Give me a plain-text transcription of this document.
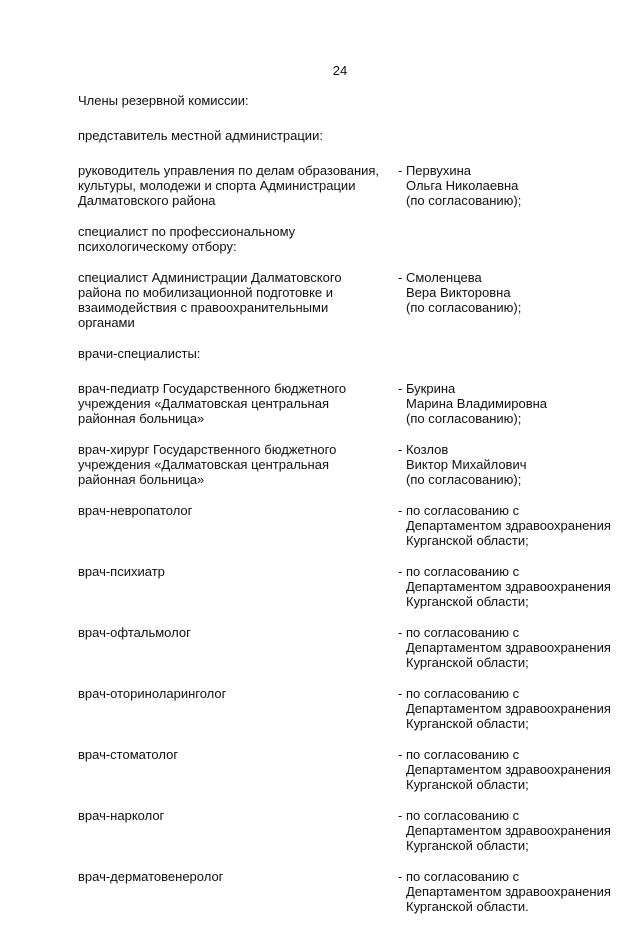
24
Члены резервной комиссии:
представитель местной администрации:
руководитель управления по делам образования,
культуры, молодежи и спорта Администрации
Далматовского района
- Первухина
Ольга Николаевна
(по согласованию);
специалист по профессиональному
психологическому отбору:
специалист Администрации Далматовского
района по мобилизационной подготовке и
взаимодействия с правоохранительными
органами
- Смоленцева
Вера Викторовна
(по согласованию);
врачи-специалисты:
врач-педиатр Государственного бюджетного
учреждения «Далматовская центральная
районная больница»
- Букрина
Марина Владимировна
(по согласованию);
врач-хирург Государственного бюджетного
учреждения «Далматовская центральная
районная больница»
- Козлов
Виктор Михайлович
(по согласованию);
врач-невропатолог	- по согласованию с
Департаментом здравоохранения
Курганской области;
врач-психиатр	- по согласованию с
Департаментом здравоохранения
Курганской области;
врач-офтальмолог	- по согласованию с
Департаментом здравоохранения
Курганской области;
врач-оториноларинголог	- по согласованию с
Департаментом здравоохранения
Курганской области;
врач-стоматолог	- по согласованию с
Департаментом здравоохранения
Курганской области;
врач-нарколог	- по согласованию с
Департаментом здравоохранения
Курганской области;
врач-дерматовенеролог	- по согласованию с
Департаментом здравоохранения
Курганской области.
